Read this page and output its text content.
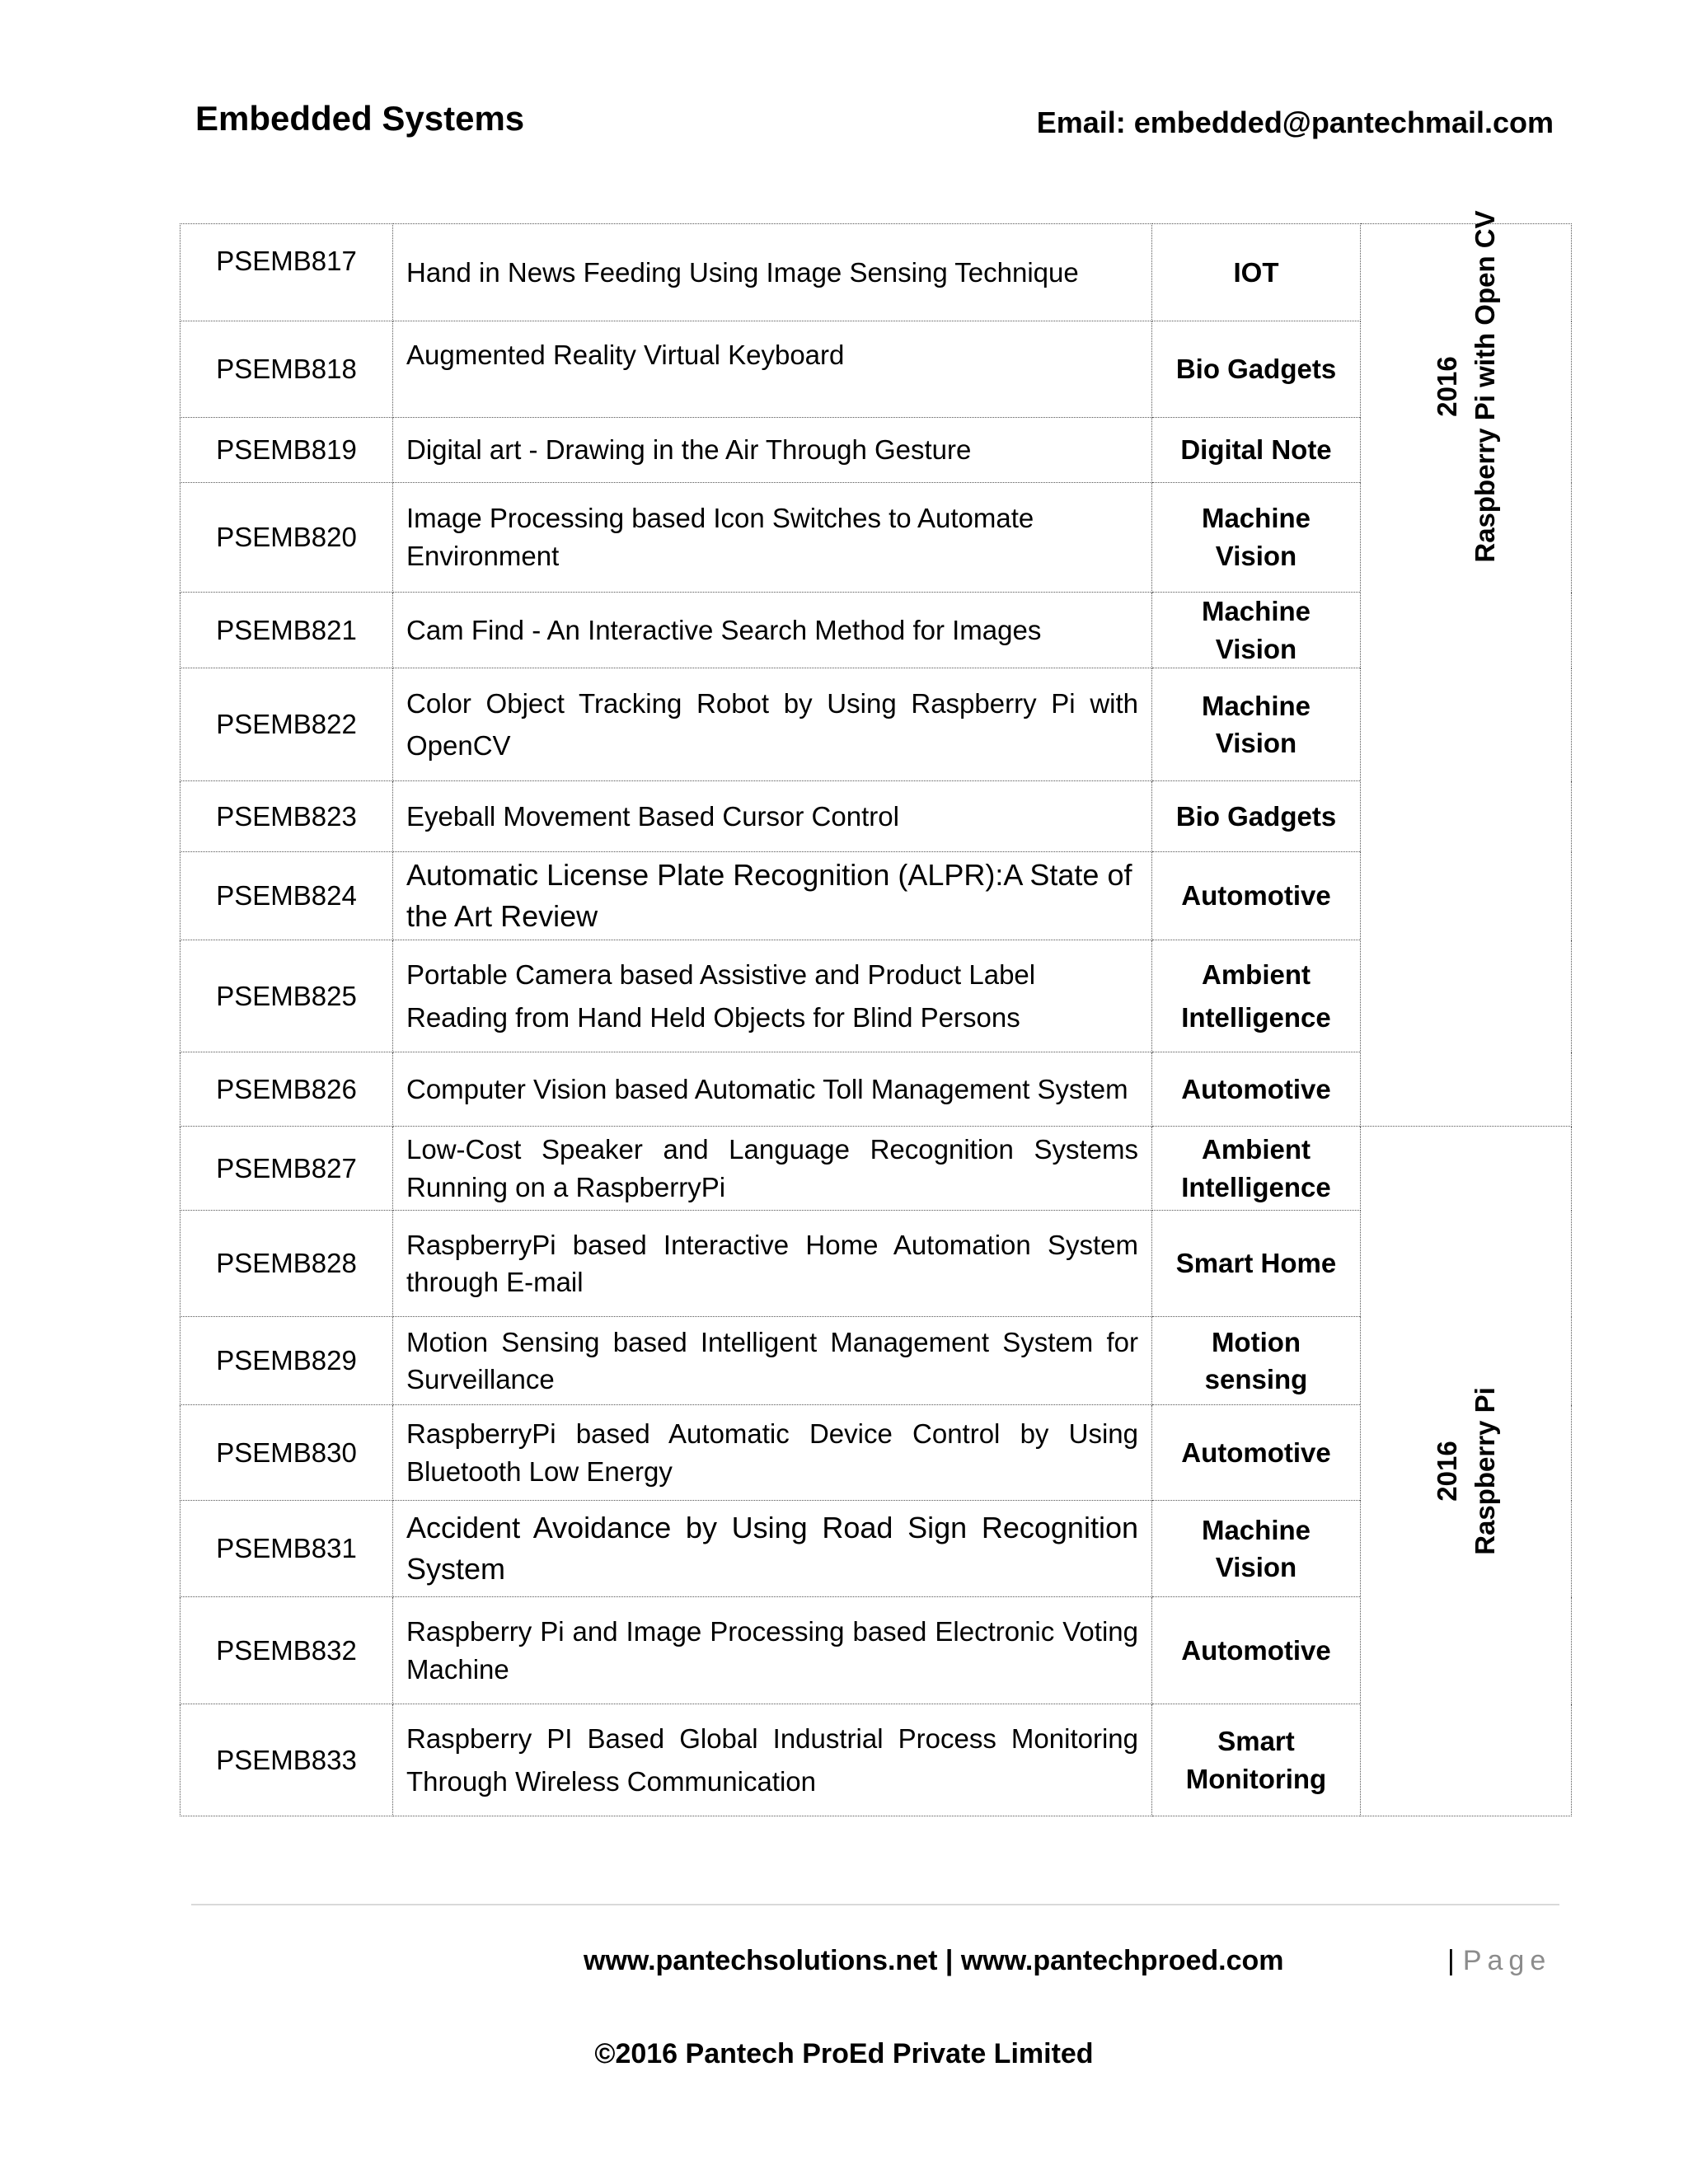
Embedded Systems	Email: embedded@pantechmail.com
PSEMB817	Hand in News Feeding Using Image Sensing Technique	IOT	2016 Raspberry Pi with Open CV

PSEMB818	Augmented Reality Virtual Keyboard	Bio Gadgets	
PSEMB819	Digital art - Drawing in the Air Through Gesture	Digital Note	
PSEMB820	Image Processing based Icon Switches to Automate Environment	Machine Vision	
PSEMB821	Cam Find - An Interactive Search Method for Images	Machine Vision	
PSEMB822	Color Object Tracking Robot by Using Raspberry Pi with OpenCV	Machine Vision	
PSEMB823	Eyeball Movement Based Cursor Control	Bio Gadgets	
PSEMB824	Automatic License Plate Recognition (ALPR):A State of the Art Review	Automotive	
PSEMB825	Portable Camera based Assistive and Product Label Reading from Hand Held Objects for Blind Persons	Ambient Intelligence	
PSEMB826	Computer Vision based Automatic Toll Management System	Automotive	
PSEMB827	Low-Cost Speaker and Language Recognition Systems Running on a RaspberryPi	Ambient Intelligence	2016 Raspberry Pi

PSEMB828	RaspberryPi based Interactive Home Automation System through E-mail	Smart Home	
PSEMB829	Motion Sensing based Intelligent Management System for Surveillance	Motion sensing	
PSEMB830	RaspberryPi based Automatic Device Control by Using Bluetooth Low Energy	Automotive	
PSEMB831	Accident Avoidance by Using Road Sign Recognition System	Machine Vision	
PSEMB832	Raspberry Pi and Image Processing based Electronic Voting Machine	Automotive	
PSEMB833	Raspberry PI Based Global Industrial Process Monitoring Through Wireless Communication	Smart Monitoring	
www.pantechsolutions.net | www.pantechproed.com	| Page
©2016 Pantech ProEd Private Limited
